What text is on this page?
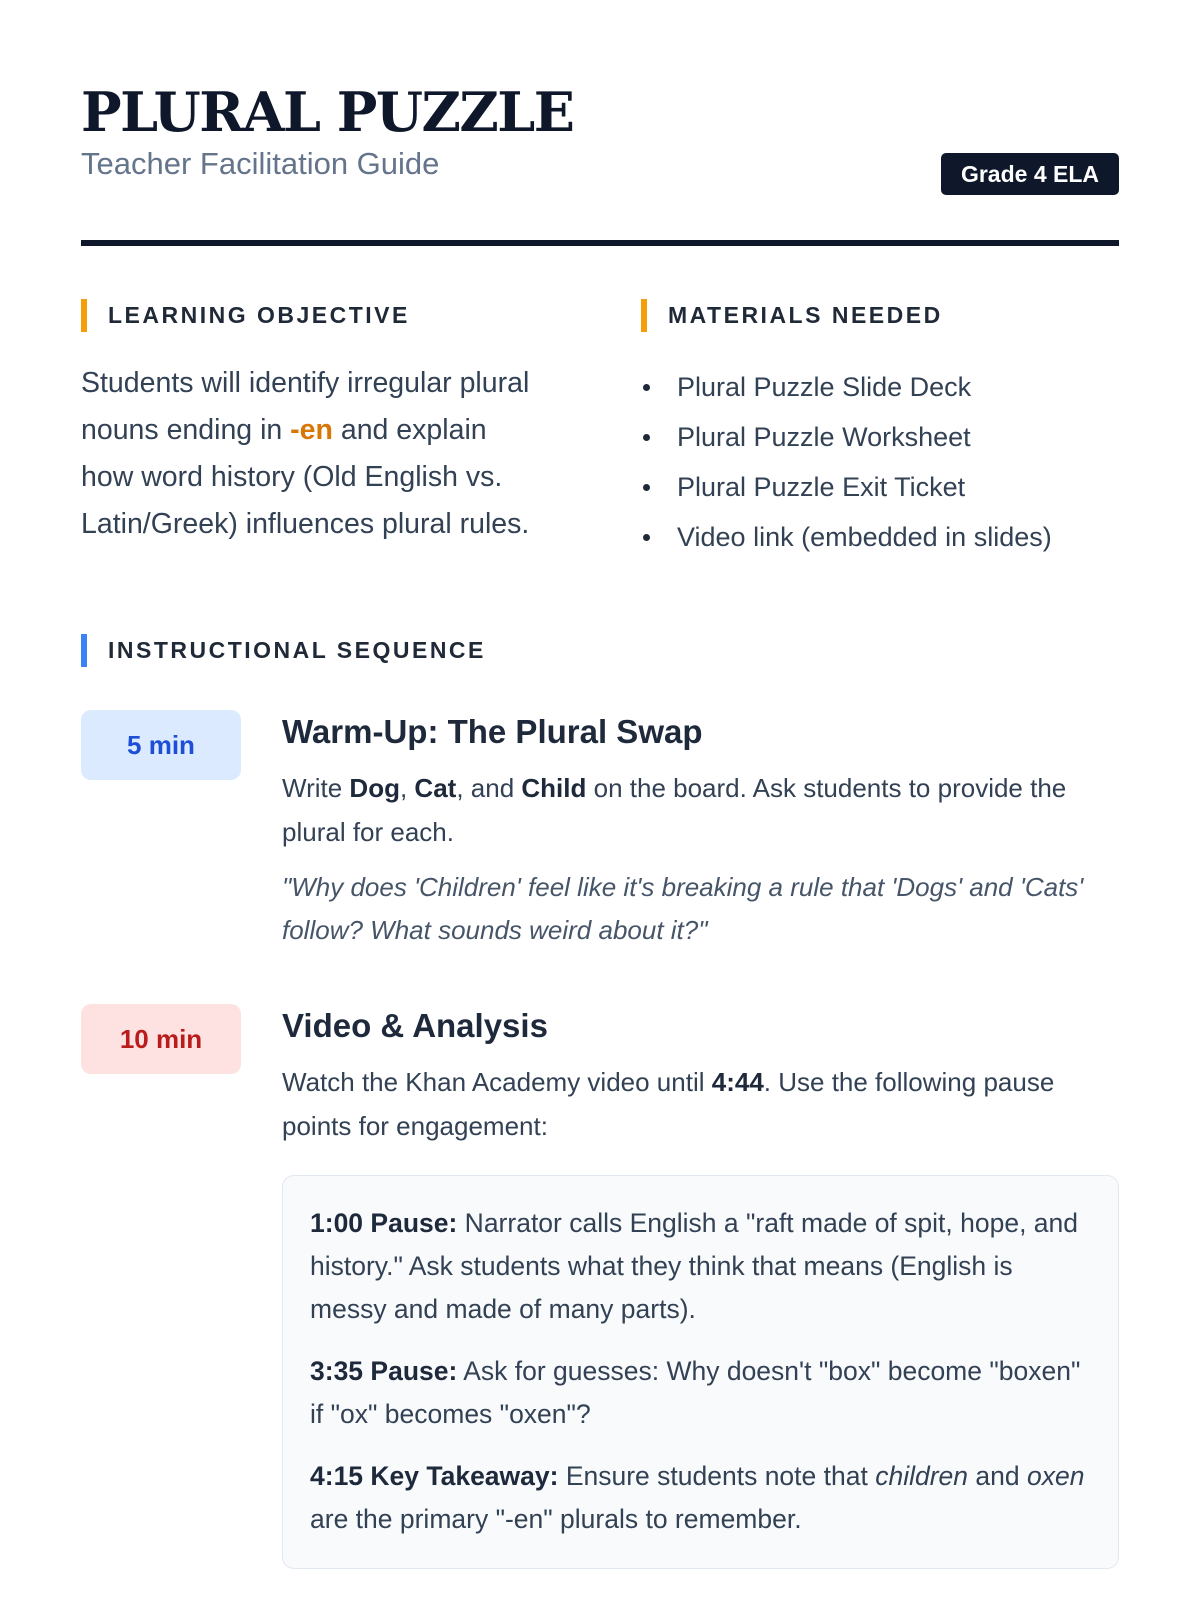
PLURAL PUZZLE
Teacher Facilitation Guide	Grade 4 ELA
LEARNING OBJECTIVE
Students will identify irregular plural nouns ending in -en and explain how word history (Old English vs. Latin/Greek) influences plural rules.
MATERIALS NEEDED
Plural Puzzle Slide Deck
Plural Puzzle Worksheet
Plural Puzzle Exit Ticket
Video link (embedded in slides)
INSTRUCTIONAL SEQUENCE
5 min	Warm-Up: The Plural Swap
Write Dog, Cat, and Child on the board. Ask students to provide the plural for each.
"Why does 'Children' feel like it's breaking a rule that 'Dogs' and 'Cats' follow? What sounds weird about it?"
10 min	Video & Analysis
Watch the Khan Academy video until 4:44. Use the following pause points for engagement:
1:00 Pause: Narrator calls English a "raft made of spit, hope, and history." Ask students what they think that means (English is messy and made of many parts).
3:35 Pause: Ask for guesses: Why doesn't "box" become "boxen" if "ox" becomes "oxen"?
4:15 Key Takeaway: Ensure students note that children and oxen are the primary "-en" plurals to remember.
